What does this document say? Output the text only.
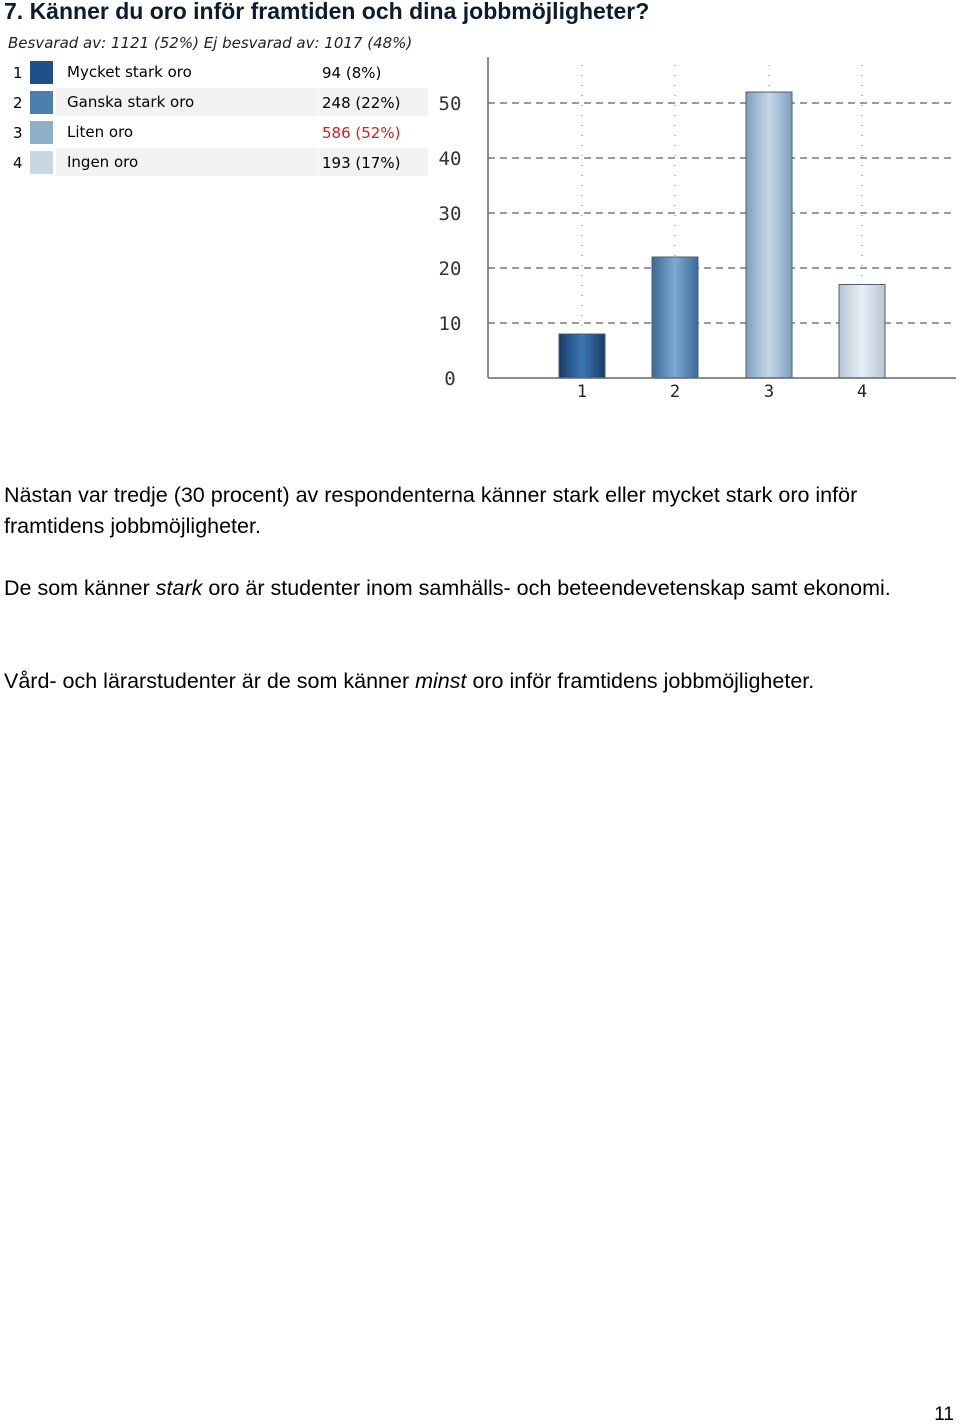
7. Känner du oro inför framtiden och dina jobbmöjligheter?
Besvarad av: 1121 (52%) Ej besvarad av: 1017 (48%)
1	Mycket stark oro	94 (8%)
2	Ganska stark oro	248 (22%)
3	Liten oro	586 (52%)
4	Ingen oro	193 (17%)
0
10
20
30
40
50
1	2	3	4
Nästan var tredje (30 procent) av respondenterna känner stark eller mycket stark oro inför framtidens jobbmöjligheter.
De som känner stark oro är studenter inom samhälls- och beteendevetenskap samt ekonomi.
Vård- och lärarstudenter är de som känner minst oro inför framtidens jobbmöjligheter.
11
